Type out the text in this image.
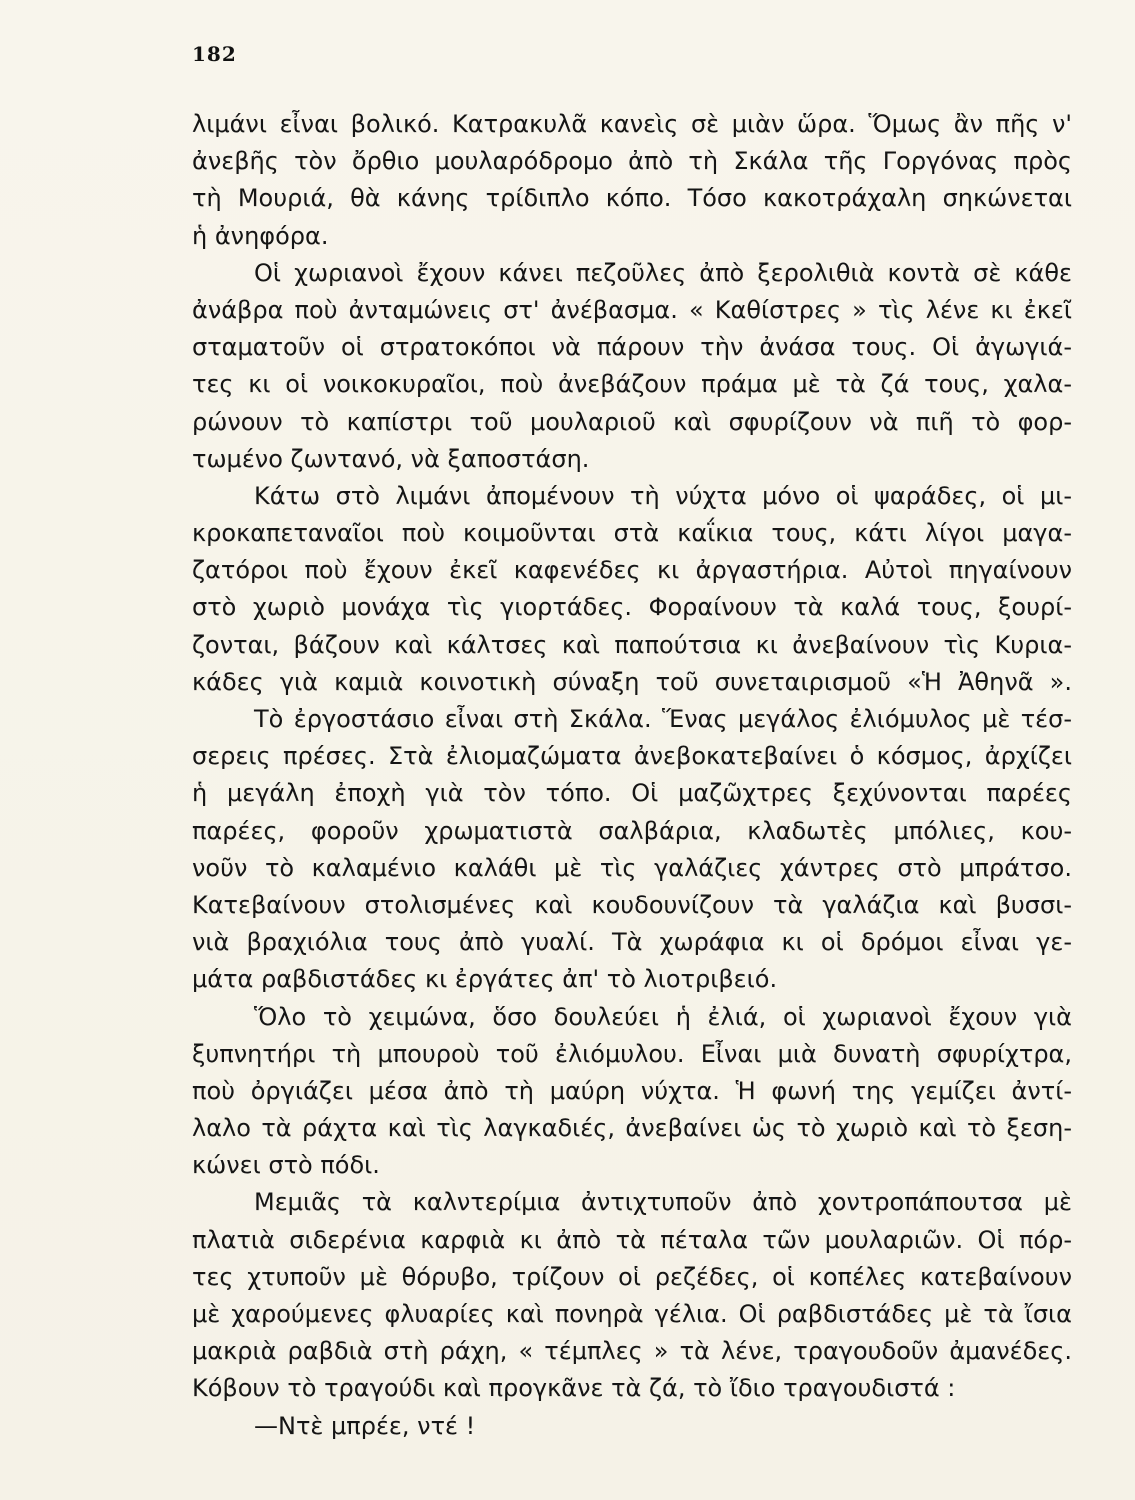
182
λιμάνι εἶναι βολικό. Κατρακυλᾶ κανεὶς σὲ μιὰν ὥρα. Ὅμως ἂν πῆς ν'
ἀνεβῆς τὸν ὄρθιο μουλαρόδρομο ἀπὸ τὴ Σκάλα τῆς Γοργόνας πρὸς
τὴ Μουριά, θὰ κάνης τρίδιπλο κόπο. Τόσο κακοτράχαλη σηκώνεται
ἡ ἀνηφόρα.
Οἱ χωριανοὶ ἔχουν κάνει πεζοῦλες ἀπὸ ξερολιθιὰ κοντὰ σὲ κάθε
ἀνάβρα ποὺ ἀνταμώνεις στ' ἀνέβασμα. « Καθίστρες » τὶς λένε κι ἐκεῖ
σταματοῦν οἱ στρατοκόποι νὰ πάρουν τὴν ἀνάσα τους. Οἱ ἀγωγιά-
τες κι οἱ νοικοκυραῖοι, ποὺ ἀνεβάζουν πράμα μὲ τὰ ζά τους, χαλα-
ρώνουν τὸ καπίστρι τοῦ μουλαριοῦ καὶ σφυρίζουν νὰ πιῆ τὸ φορ-
τωμένο ζωντανό, νὰ ξαποστάση.
Κάτω στὸ λιμάνι ἀπομένουν τὴ νύχτα μόνο οἱ ψαράδες, οἱ μι-
κροκαπεταναῖοι ποὺ κοιμοῦνται στὰ καΐκια τους, κάτι λίγοι μαγα-
ζατόροι ποὺ ἔχουν ἐκεῖ καφενέδες κι ἀργαστήρια. Αὐτοὶ πηγαίνουν
στὸ χωριὸ μονάχα τὶς γιορτάδες. Φοραίνουν τὰ καλά τους, ξουρί-
ζονται, βάζουν καὶ κάλτσες καὶ παπούτσια κι ἀνεβαίνουν τὶς Κυρια-
κάδες γιὰ καμιὰ κοινοτικὴ σύναξη τοῦ συνεταιρισμοῦ «Ἡ Ἀθηνᾶ ».
Τὸ ἐργοστάσιο εἶναι στὴ Σκάλα. Ἕνας μεγάλος ἐλιόμυλος μὲ τέσ-
σερεις πρέσες. Στὰ ἐλιομαζώματα ἀνεβοκατεβαίνει ὁ κόσμος, ἀρχίζει
ἡ μεγάλη ἐποχὴ γιὰ τὸν τόπο. Οἱ μαζῶχτρες ξεχύνονται παρέες
παρέες, φοροῦν χρωματιστὰ σαλβάρια, κλαδωτὲς μπόλιες, κου-
νοῦν τὸ καλαμένιο καλάθι μὲ τὶς γαλάζιες χάντρες στὸ μπράτσο.
Κατεβαίνουν στολισμένες καὶ κουδουνίζουν τὰ γαλάζια καὶ βυσσι-
νιὰ βραχιόλια τους ἀπὸ γυαλί. Τὰ χωράφια κι οἱ δρόμοι εἶναι γε-
μάτα ραβδιστάδες κι ἐργάτες ἀπ' τὸ λιοτριβειό.
Ὅλο τὸ χειμώνα, ὅσο δουλεύει ἡ ἐλιά, οἱ χωριανοὶ ἔχουν γιὰ
ξυπνητήρι τὴ μπουροὺ τοῦ ἐλιόμυλου. Εἶναι μιὰ δυνατὴ σφυρίχτρα,
ποὺ ὀργιάζει μέσα ἀπὸ τὴ μαύρη νύχτα. Ἡ φωνή της γεμίζει ἀντί-
λαλο τὰ ράχτα καὶ τὶς λαγκαδιές, ἀνεβαίνει ὡς τὸ χωριὸ καὶ τὸ ξεση-
κώνει στὸ πόδι.
Μεμιᾶς τὰ καλντερίμια ἀντιχτυποῦν ἀπὸ χοντροπάπουτσα μὲ
πλατιὰ σιδερένια καρφιὰ κι ἀπὸ τὰ πέταλα τῶν μουλαριῶν. Οἱ πόρ-
τες χτυποῦν μὲ θόρυβο, τρίζουν οἱ ρεζέδες, οἱ κοπέλες κατεβαίνουν
μὲ χαρούμενες φλυαρίες καὶ πονηρὰ γέλια. Οἱ ραβδιστάδες μὲ τὰ ἴσια
μακριὰ ραβδιὰ στὴ ράχη, « τέμπλες » τὰ λένε, τραγουδοῦν ἀμανέδες.
Κόβουν τὸ τραγούδι καὶ προγκᾶνε τὰ ζά, τὸ ἴδιο τραγουδιστά :
—Ντὲ μπρέε, ντέ !
